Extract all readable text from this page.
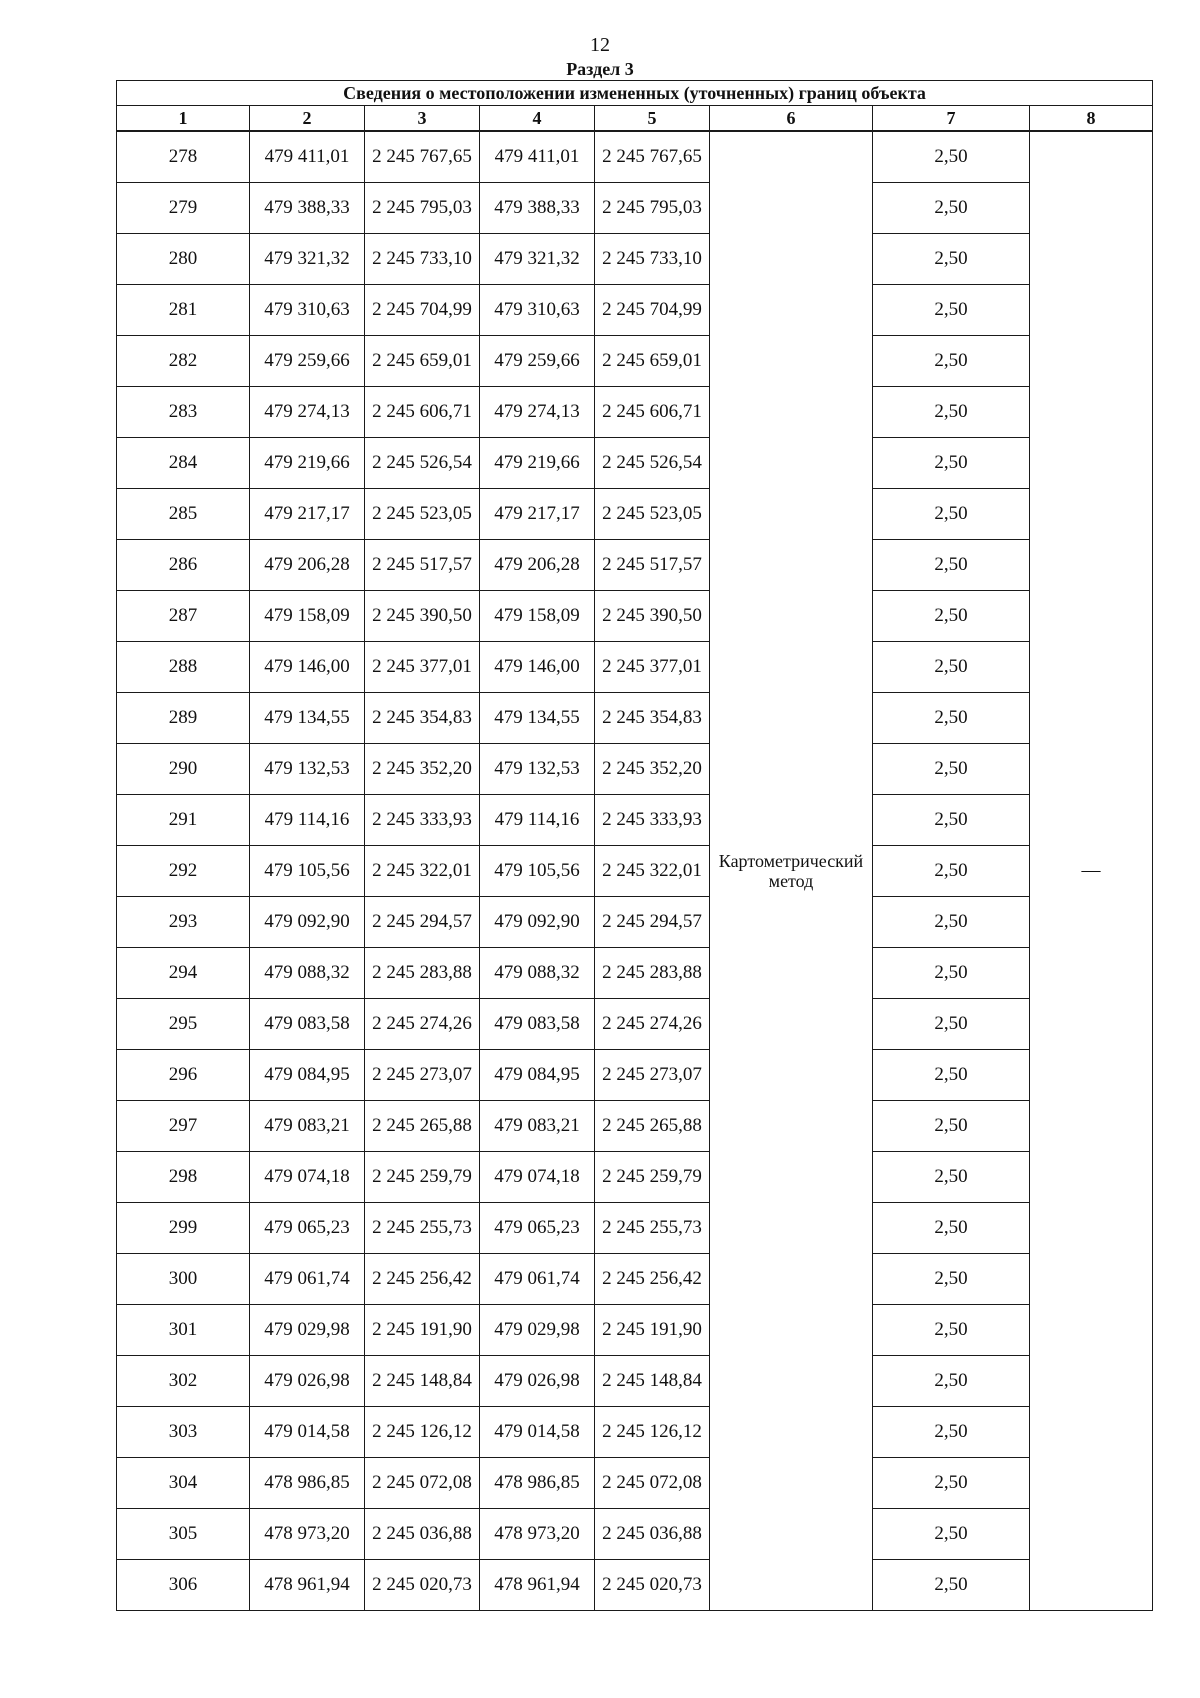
12
Раздел 3
Сведения о местоположении измененных (уточненных) границ объекта							
1	2	3	4	5	6	7	8
278	479 411,01	2 245 767,65	479 411,01	2 245 767,65	Картометрический метод	2,50	—
279	479 388,33	2 245 795,03	479 388,33	2 245 795,03		2,50	
280	479 321,32	2 245 733,10	479 321,32	2 245 733,10		2,50	
281	479 310,63	2 245 704,99	479 310,63	2 245 704,99		2,50	
282	479 259,66	2 245 659,01	479 259,66	2 245 659,01		2,50	
283	479 274,13	2 245 606,71	479 274,13	2 245 606,71		2,50	
284	479 219,66	2 245 526,54	479 219,66	2 245 526,54		2,50	
285	479 217,17	2 245 523,05	479 217,17	2 245 523,05		2,50	
286	479 206,28	2 245 517,57	479 206,28	2 245 517,57		2,50	
287	479 158,09	2 245 390,50	479 158,09	2 245 390,50		2,50	
288	479 146,00	2 245 377,01	479 146,00	2 245 377,01		2,50	
289	479 134,55	2 245 354,83	479 134,55	2 245 354,83		2,50	
290	479 132,53	2 245 352,20	479 132,53	2 245 352,20		2,50	
291	479 114,16	2 245 333,93	479 114,16	2 245 333,93		2,50	
292	479 105,56	2 245 322,01	479 105,56	2 245 322,01		2,50	
293	479 092,90	2 245 294,57	479 092,90	2 245 294,57		2,50	
294	479 088,32	2 245 283,88	479 088,32	2 245 283,88		2,50	
295	479 083,58	2 245 274,26	479 083,58	2 245 274,26		2,50	
296	479 084,95	2 245 273,07	479 084,95	2 245 273,07		2,50	
297	479 083,21	2 245 265,88	479 083,21	2 245 265,88		2,50	
298	479 074,18	2 245 259,79	479 074,18	2 245 259,79		2,50	
299	479 065,23	2 245 255,73	479 065,23	2 245 255,73		2,50	
300	479 061,74	2 245 256,42	479 061,74	2 245 256,42		2,50	
301	479 029,98	2 245 191,90	479 029,98	2 245 191,90		2,50	
302	479 026,98	2 245 148,84	479 026,98	2 245 148,84		2,50	
303	479 014,58	2 245 126,12	479 014,58	2 245 126,12		2,50	
304	478 986,85	2 245 072,08	478 986,85	2 245 072,08		2,50	
305	478 973,20	2 245 036,88	478 973,20	2 245 036,88		2,50	
306	478 961,94	2 245 020,73	478 961,94	2 245 020,73		2,50	
